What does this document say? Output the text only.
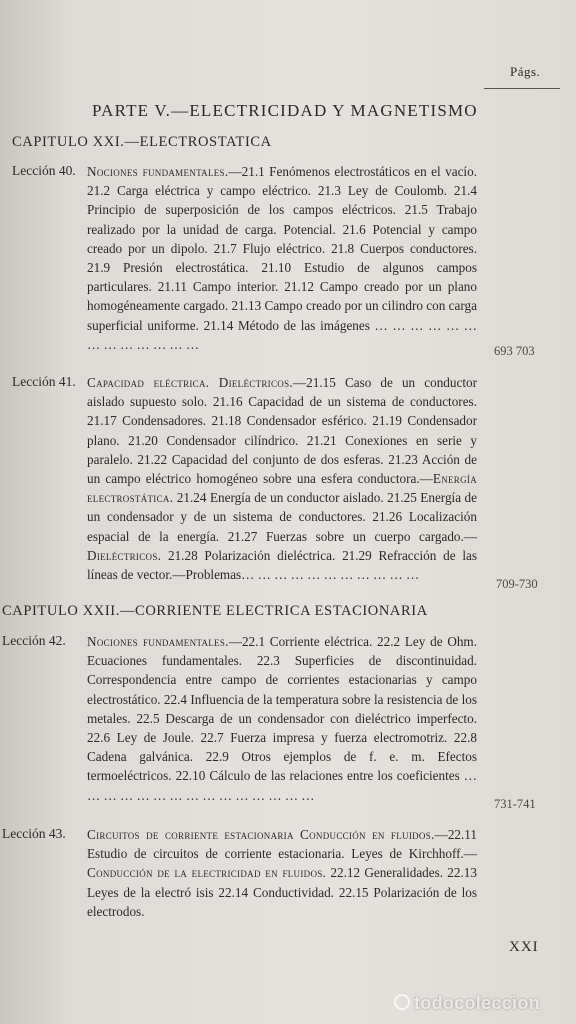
Págs.
PARTE V.—ELECTRICIDAD Y MAGNETISMO
CAPITULO XXI.—ELECTROSTATICA
Lección 40. Nociones fundamentales.—21.1 Fenómenos electrostáticos en el vacío. 21.2 Carga eléctrica y campo eléctrico. 21.3 Ley de Coulomb. 21.4 Principio de superposición de los campos eléctricos. 21.5 Trabajo realizado por la unidad de carga. Potencial. 21.6 Potencial y campo creado por un dipolo. 21.7 Flujo eléctrico. 21.8 Cuerpos conductores. 21.9 Presión electrostática. 21.10 Estudio de algunos campos particulares. 21.11 Campo interior. 21.12 Campo creado por un plano homogéneamente cargado. 21.13 Campo creado por un cilindro con carga superficial uniforme. 21.14 Método de las imágenes … … … … … … … … … … … … …	693 703
Lección 41. Capacidad eléctrica. Dieléctricos.—21.15 Caso de un conductor aislado supuesto solo. 21.16 Capacidad de un sistema de conductores. 21.17 Condensadores. 21.18 Condensador esférico. 21.19 Condensador plano. 21.20 Condensador cilíndrico. 21.21 Conexiones en serie y paralelo. 21.22 Capacidad del conjunto de dos esferas. 21.23 Acción de un campo eléctrico homogéneo sobre una esfera conductora.—Energía electrostática. 21.24 Energía de un conductor aislado. 21.25 Energía de un condensador y de un sistema de conductores. 21.26 Localización espacial de la energía. 21.27 Fuerzas sobre un cuerpo cargado.—Dieléctricos. 21.28 Polarización dieléctrica. 21.29 Refracción de las líneas de vector.—Problemas… … … … … … … … … … …
709-730
CAPITULO XXII.—CORRIENTE ELECTRICA ESTACIONARIA
Lección 42. Nociones fundamentales.—22.1 Corriente eléctrica. 22.2 Ley de Ohm. Ecuaciones fundamentales. 22.3 Superficies de discontinuidad. Correspondencia entre campo de corrientes estacionarias y campo electrostático. 22.4 Influencia de la temperatura sobre la resistencia de los metales. 22.5 Descarga de un condensador con dieléctrico imperfecto. 22.6 Ley de Joule. 22.7 Fuerza impresa y fuerza electromotriz. 22.8 Cadena galvánica. 22.9 Otros ejemplos de f. e. m. Efectos termoeléctricos. 22.10 Cálculo de las relaciones entre los coeficientes … … … … … … … … … … … … … … …
731-741
Lección 43. Circuitos de corriente estacionaria Conducción en fluidos.—22.11 Estudio de circuitos de corriente estacionaria. Leyes de Kirchhoff.—Conducción de la electricidad en fluidos. 22.12 Generalidades. 22.13 Leyes de la electró isis 22.14 Conductividad. 22.15 Polarización de los electrodos.
XXI
todocoleccion
